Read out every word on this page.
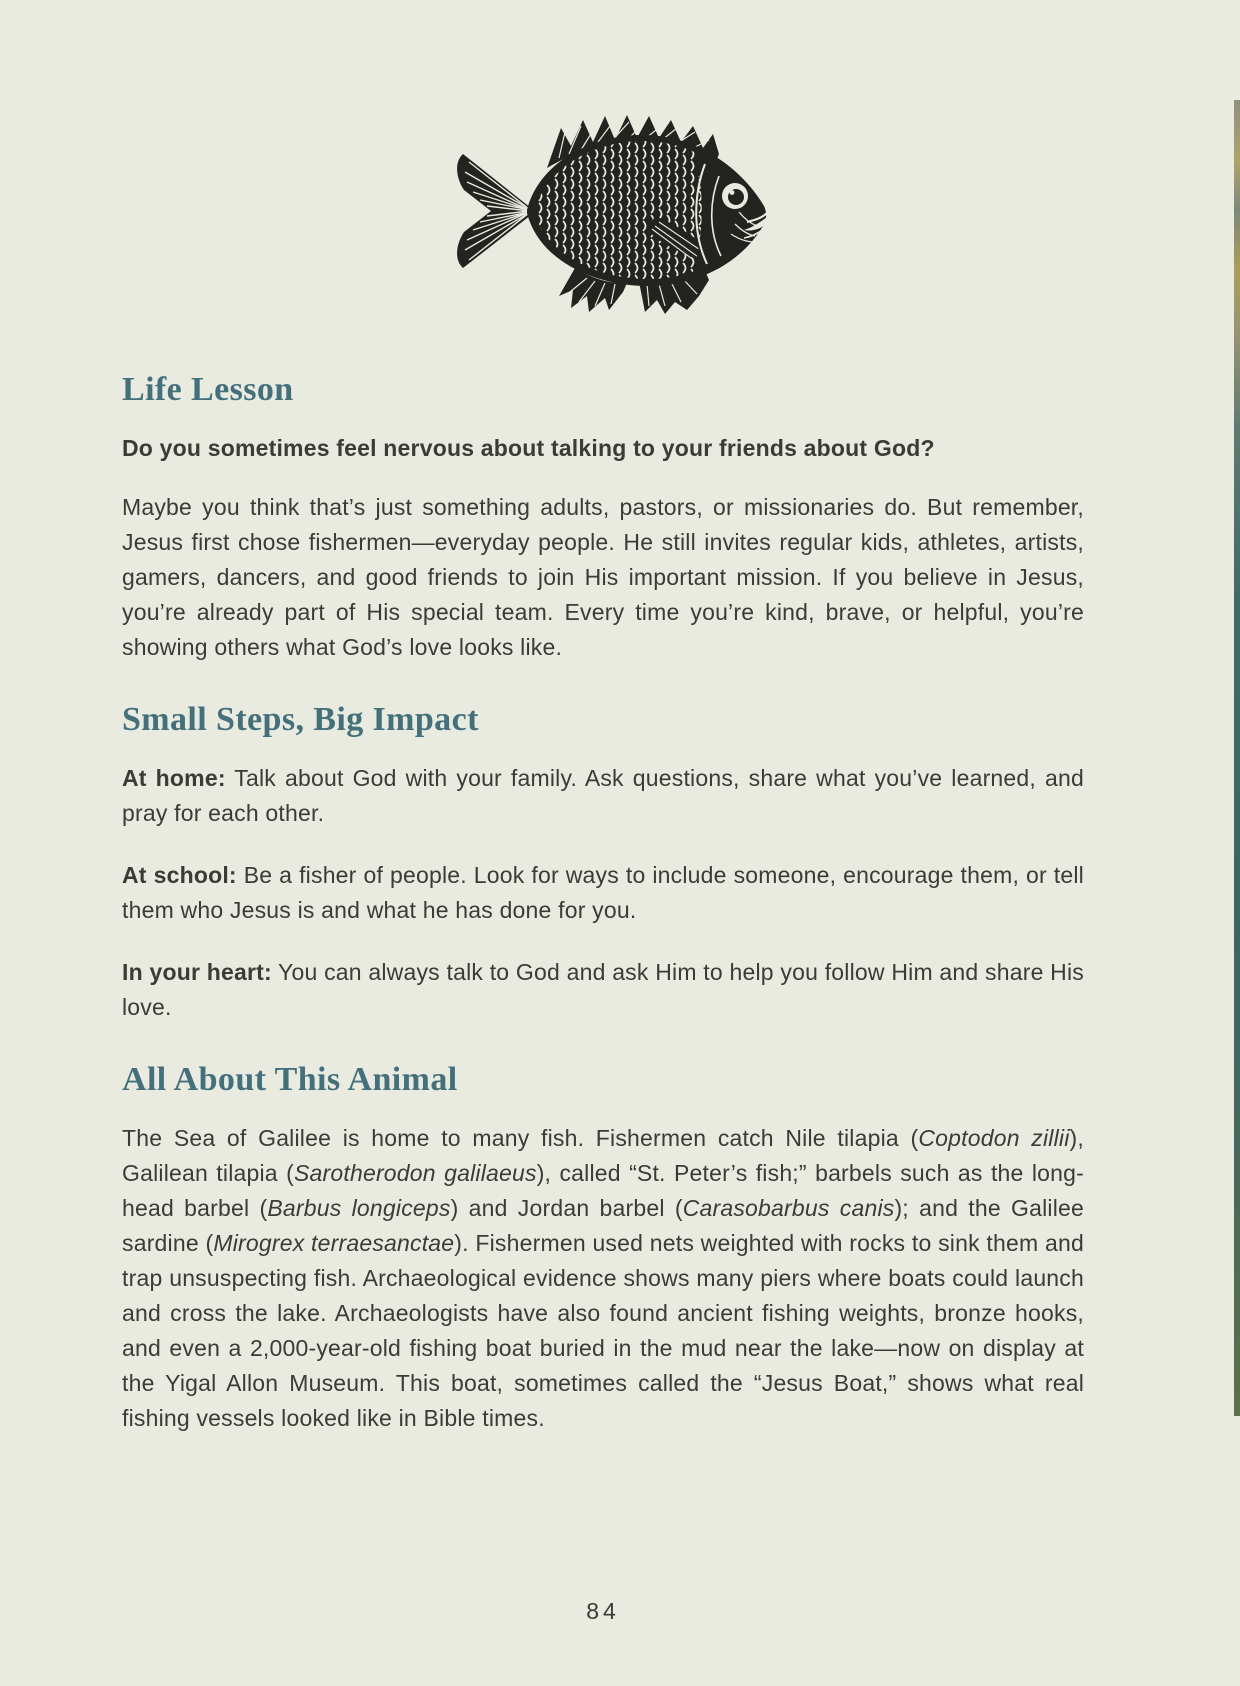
Life Lesson

Do you sometimes feel nervous about talking to your friends about God?

Maybe you think that’s just something adults, pastors, or missionaries do. But remember, Jesus first chose fishermen—everyday people. He still invites regular kids, athletes, artists, gamers, dancers, and good friends to join His important mission. If you believe in Jesus, you’re already part of His special team. Every time you’re kind, brave, or helpful, you’re showing others what God’s love looks like.

Small Steps, Big Impact

At home: Talk about God with your family. Ask questions, share what you’ve learned, and pray for each other.

At school: Be a fisher of people. Look for ways to include someone, encourage them, or tell them who Jesus is and what he has done for you.

In your heart: You can always talk to God and ask Him to help you follow Him and share His love.

All About This Animal

The Sea of Galilee is home to many fish. Fishermen catch Nile tilapia (Coptodon zillii), Galilean tilapia (Sarotherodon galilaeus), called “St. Peter’s fish;” barbels such as the long-head barbel (Barbus longiceps) and Jordan barbel (Carasobarbus canis); and the Galilee sardine (Mirogrex terraesanctae). Fishermen used nets weighted with rocks to sink them and trap unsuspecting fish. Archaeological evidence shows many piers where boats could launch and cross the lake. Archaeologists have also found ancient fishing weights, bronze hooks, and even a 2,000-year-old fishing boat buried in the mud near the lake—now on display at the Yigal Allon Museum. This boat, sometimes called the “Jesus Boat,” shows what real fishing vessels looked like in Bible times.

84
